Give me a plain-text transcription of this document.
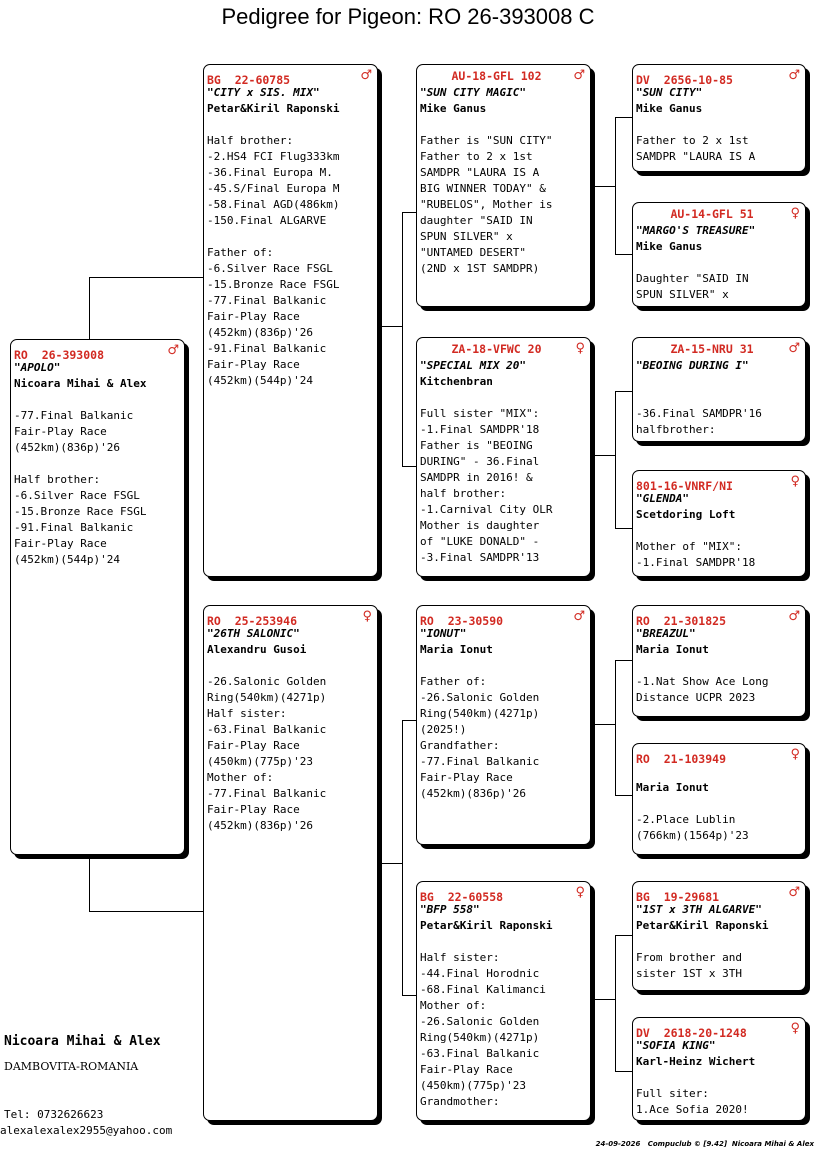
Pedigree for Pigeon: RO 26-393008 C
RO  26-393008	♂
"APOLO"
Nicoara Mihai & Alex
-77.Final Balkanic
Fair-Play Race
(452km)(836p)'26
Half brother:
-6.Silver Race FSGL
-15.Bronze Race FSGL
-91.Final Balkanic
Fair-Play Race
(452km)(544p)'24
BG  22-60785	♂
"CITY x SIS. MIX"
Petar&Kiril Raponski
Half brother:
-2.HS4 FCI Flug333km
-36.Final Europa M.
-45.S/Final Europa M
-58.Final AGD(486km)
-150.Final ALGARVE
Father of:
-6.Silver Race FSGL
-15.Bronze Race FSGL
-77.Final Balkanic
Fair-Play Race
(452km)(836p)'26
-91.Final Balkanic
Fair-Play Race
(452km)(544p)'24
RO  25-253946	♀
"26TH SALONIC"
Alexandru Gusoi
-26.Salonic Golden
Ring(540km)(4271p)
Half sister:
-63.Final Balkanic
Fair-Play Race
(450km)(775p)'23
Mother of:
-77.Final Balkanic
Fair-Play Race
(452km)(836p)'26
AU-18-GFL 102	♂
"SUN CITY MAGIC"
Mike Ganus
Father is "SUN CITY"
Father to 2 x 1st
SAMDPR "LAURA IS A
BIG WINNER TODAY" &
"RUBELOS", Mother is
daughter "SAID IN
SPUN SILVER" x
"UNTAMED DESERT"
(2ND x 1ST SAMDPR)
ZA-18-VFWC 20	♀
"SPECIAL MIX 20"
Kitchenbran
Full sister "MIX":
-1.Final SAMDPR'18
Father is "BEOING
DURING" - 36.Final
SAMDPR in 2016! &
half brother:
-1.Carnival City OLR
Mother is daughter
of "LUKE DONALD" -
-3.Final SAMDPR'13
RO  23-30590	♂
"IONUT"
Maria Ionut
Father of:
-26.Salonic Golden
Ring(540km)(4271p)
(2025!)
Grandfather:
-77.Final Balkanic
Fair-Play Race
(452km)(836p)'26
BG  22-60558	♀
"BFP 558"
Petar&Kiril Raponski
Half sister:
-44.Final Horodnic
-68.Final Kalimanci
Mother of:
-26.Salonic Golden
Ring(540km)(4271p)
-63.Final Balkanic
Fair-Play Race
(450km)(775p)'23
Grandmother:
DV  2656-10-85	♂
"SUN CITY"
Mike Ganus
Father to 2 x 1st
SAMDPR "LAURA IS A
AU-14-GFL 51	♀
"MARGO'S TREASURE"
Mike Ganus
Daughter "SAID IN
SPUN SILVER" x
ZA-15-NRU 31	♂
"BEOING DURING I"
-36.Final SAMDPR'16
halfbrother:
801-16-VNRF/NI	♀
"GLENDA"
Scetdoring Loft
Mother of "MIX":
-1.Final SAMDPR'18
RO  21-301825	♂
"BREAZUL"
Maria Ionut
-1.Nat Show Ace Long
Distance UCPR 2023
RO  21-103949	♀
Maria Ionut
-2.Place Lublin
(766km)(1564p)'23
BG  19-29681	♂
"1ST x 3TH ALGARVE"
Petar&Kiril Raponski
From brother and
sister 1ST x 3TH
DV  2618-20-1248	♀
"SOFIA KING"
Karl-Heinz Wichert
Full siter:
1.Ace Sofia 2020!
Nicoara Mihai & Alex
DAMBOVITA-ROMANIA
Tel: 0732626623
alexalexalex2955@yahoo.com
24-09-2026   Compuclub © [9.42]  Nicoara Mihai & Alex
